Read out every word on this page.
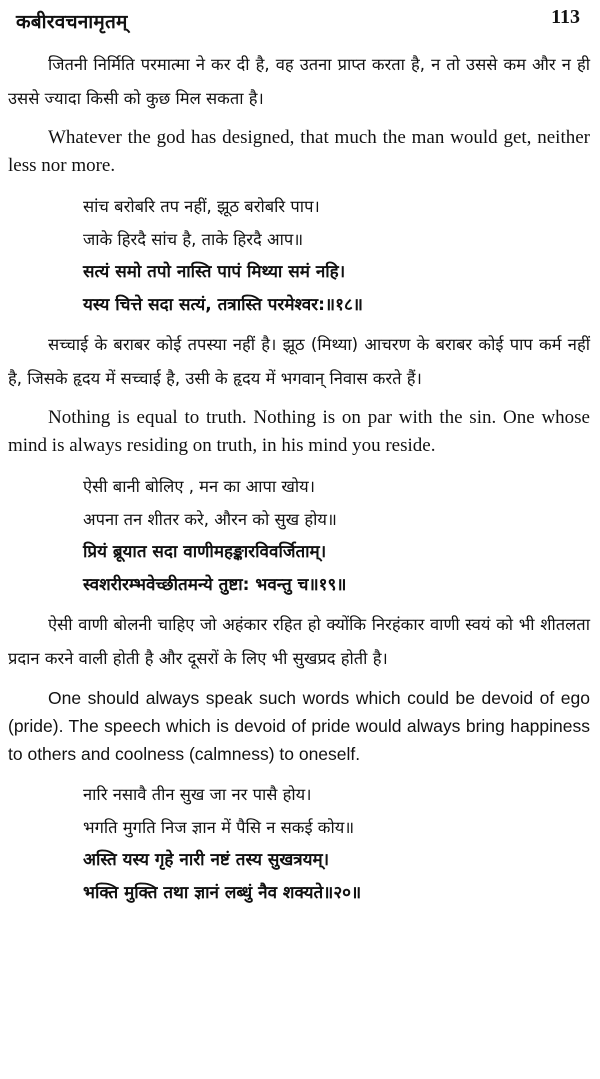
कबीरवचनामृतम्	113

जितनी निर्मिति परमात्मा ने कर दी है, वह उतना प्राप्त करता है, न तो उससे कम और न ही उससे ज्यादा किसी को कुछ मिल सकता है।

Whatever the god has designed, that much the man would get, neither less nor more.

सांच बरोबरि तप नहीं, झूठ बरोबरि पाप।
जाके हिरदै सांच है, ताके हिरदै आप॥
सत्यं समो तपो नास्ति पापं मिथ्या समं नहि।
यस्य चित्ते सदा सत्यं, तत्रास्ति परमेश्वर:॥१८॥

सच्चाई के बराबर कोई तपस्या नहीं है। झूठ (मिथ्या) आचरण के बराबर कोई पाप कर्म नहीं है, जिसके हृदय में सच्चाई है, उसी के हृदय में भगवान् निवास करते हैं।

Nothing is equal to truth. Nothing is on par with the sin. One whose mind is always residing on truth, in his mind you reside.

ऐसी बानी बोलिए , मन का आपा खोय।
अपना तन शीतर करे, औरन को सुख होय॥
प्रियं ब्रूयात सदा वाणीमहङ्कारविवर्जिताम्।
स्वशरीरम्भवेच्छीतमन्ये तुष्टा: भवन्तु च॥१९॥

ऐसी वाणी बोलनी चाहिए जो अहंकार रहित हो क्योंकि निरहंकार वाणी स्वयं को भी शीतलता प्रदान करने वाली होती है और दूसरों के लिए भी सुखप्रद होती है।

One should always speak such words which could be devoid of ego (pride). The speech which is devoid of pride would always bring happiness to others and coolness (calmness) to oneself.

नारि नसावै तीन सुख जा नर पासै होय।
भगति मुगति निज ज्ञान में पैसि न सकई कोय॥
अस्ति यस्य गृहे नारी नष्टं तस्य सुखत्रयम्।
भक्ति मुक्ति तथा ज्ञानं लब्धुं नैव शक्यते॥२०॥
